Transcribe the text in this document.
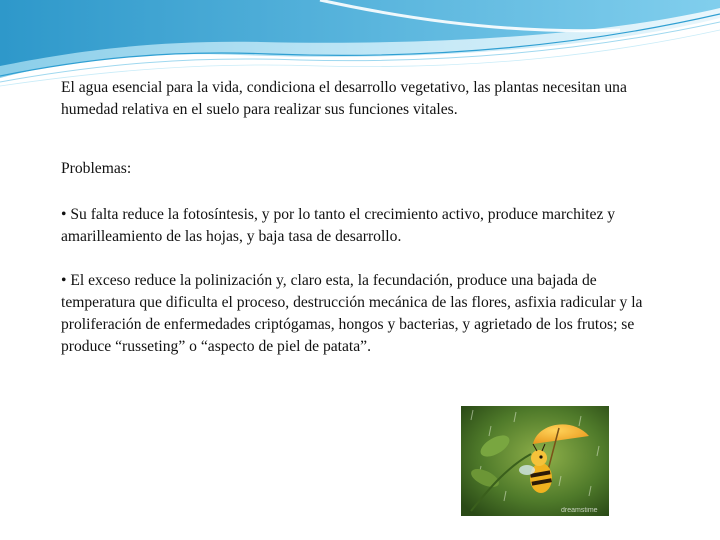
El agua esencial para la vida, condiciona el desarrollo vegetativo, las plantas necesitan una humedad relativa en el suelo para realizar sus funciones vitales.

Problemas:

• Su falta reduce la fotosíntesis, y por lo tanto el crecimiento activo, produce marchitez y amarilleamiento de las hojas, y baja tasa de desarrollo.

• El exceso reduce la polinización y, claro esta, la fecundación, produce una bajada de temperatura que dificulta el proceso, destrucción mecánica de las flores, asfixia radicular y la proliferación de enfermedades criptógamas, hongos y bacterias, y agrietado de los frutos; se produce “russeting” o “aspecto de piel de patata”.

dreamstime
